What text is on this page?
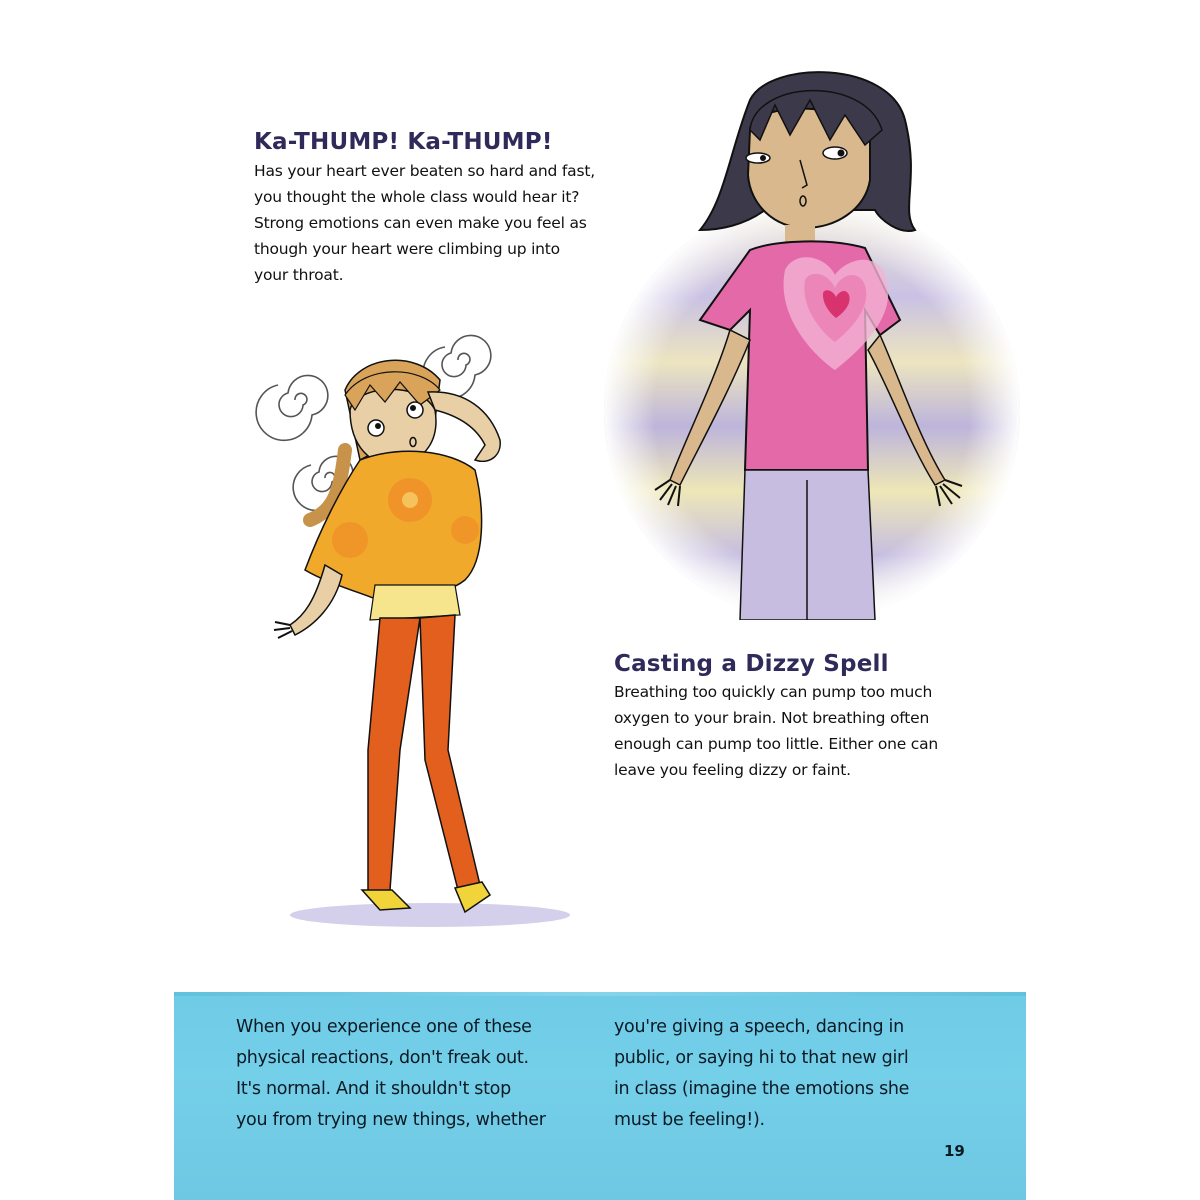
Ka-THUMP! Ka-THUMP!

Has your heart ever beaten so hard and fast,
you thought the whole class would hear it?
Strong emotions can even make you feel as
though your heart were climbing up into
your throat.

Casting a Dizzy Spell

Breathing too quickly can pump too much
oxygen to your brain. Not breathing often
enough can pump too little. Either one can
leave you feeling dizzy or faint.

When you experience one of these
physical reactions, don't freak out.
It's normal. And it shouldn't stop
you from trying new things, whether
you're giving a speech, dancing in
public, or saying hi to that new girl
in class (imagine the emotions she
must be feeling!).
19
